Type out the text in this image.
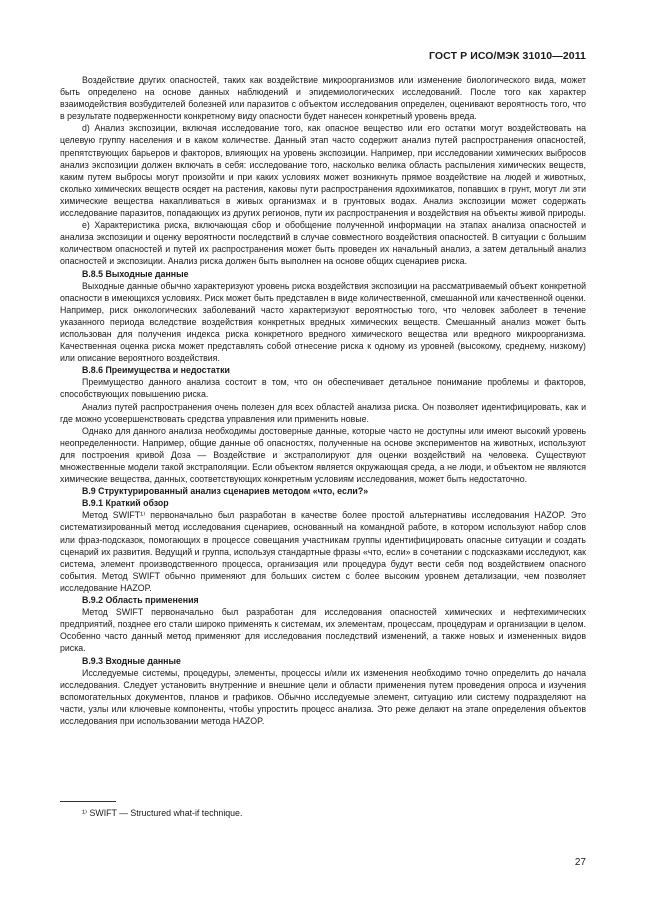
ГОСТ Р ИСО/МЭК 31010—2011

Воздействие других опасностей, таких как воздействие микроорганизмов или изменение биологического вида, может быть определено на основе данных наблюдений и эпидемиологических исследований. После того как характер взаимодействия возбудителей болезней или паразитов с объектом исследования определен, оценивают вероятность того, что в результате подверженности конкретному виду опасности будет нанесен конкретный уровень вреда.

d) Анализ экспозиции, включая исследование того, как опасное вещество или его остатки могут воздействовать на целевую группу населения и в каком количестве. Данный этап часто содержит анализ путей распространения опасностей, препятствующих барьеров и факторов, влияющих на уровень экспозиции. Например, при исследовании химических выбросов анализ экспозиции должен включать в себя: исследование того, насколько велика область распыления химических веществ, каким путем выбросы могут произойти и при каких условиях может возникнуть прямое воздействие на людей и животных, сколько химических веществ осядет на растения, каковы пути распространения ядохимикатов, попавших в грунт, могут ли эти химические вещества накапливаться в живых организмах и в грунтовых водах. Анализ экспозиции может содержать исследование паразитов, попадающих из других регионов, пути их распространения и воздействия на объекты живой природы.

e) Характеристика риска, включающая сбор и обобщение полученной информации на этапах анализа опасностей и анализа экспозиции и оценку вероятности последствий в случае совместного воздействия опасностей. В ситуации с большим количеством опасностей и путей их распространения может быть проведен их начальный анализ, а затем детальный анализ опасностей и экспозиции. Анализ риска должен быть выполнен на основе общих сценариев риска.

В.8.5 Выходные данные

Выходные данные обычно характеризуют уровень риска воздействия экспозиции на рассматриваемый объект конкретной опасности в имеющихся условиях. Риск может быть представлен в виде количественной, смешанной или качественной оценки. Например, риск онкологических заболеваний часто характеризуют вероятностью того, что человек заболеет в течение указанного периода вследствие воздействия конкретных вредных химических веществ. Смешанный анализ может быть использован для получения индекса риска конкретного вредного химического вещества или вредного микроорганизма. Качественная оценка риска может представлять собой отнесение риска к одному из уровней (высокому, среднему, низкому) или описание вероятного воздействия.

В.8.6 Преимущества и недостатки

Преимущество данного анализа состоит в том, что он обеспечивает детальное понимание проблемы и факторов, способствующих повышению риска.

Анализ путей распространения очень полезен для всех областей анализа риска. Он позволяет идентифицировать, как и где можно усовершенствовать средства управления или применить новые.

Однако для данного анализа необходимы достоверные данные, которые часто не доступны или имеют высокий уровень неопределенности. Например, общие данные об опасностях, полученные на основе экспериментов на животных, используют для построения кривой Доза — Воздействие и экстраполируют для оценки воздействий на человека. Существуют множественные модели такой экстраполяции. Если объектом является окружающая среда, а не люди, и объектом не являются химические вещества, данных, соответствующих конкретным условиям исследования, может быть недостаточно.

В.9 Структурированный анализ сценариев методом «что, если?»
В.9.1 Краткий обзор

Метод SWIFT¹⁾ первоначально был разработан в качестве более простой альтернативы исследования HAZOP. Это систематизированный метод исследования сценариев, основанный на командной работе, в котором используют набор слов или фраз-подсказок, помогающих в процессе совещания участникам группы идентифицировать опасные ситуации и создать сценарий их развития. Ведущий и группа, используя стандартные фразы «что, если» в сочетании с подсказками исследуют, как система, элемент производственного процесса, организация или процедура будут вести себя под воздействием опасного события. Метод SWIFT обычно применяют для больших систем с более высоким уровнем детализации, чем позволяет исследование HAZOP.

В.9.2 Область применения

Метод SWIFT первоначально был разработан для исследования опасностей химических и нефтехимических предприятий, позднее его стали широко применять к системам, их элементам, процессам, процедурам и организации в целом. Особенно часто данный метод применяют для исследования последствий изменений, а также новых и измененных видов риска.

В.9.3 Входные данные

Исследуемые системы, процедуры, элементы, процессы и/или их изменения необходимо точно определить до начала исследования. Следует установить внутренние и внешние цели и области применения путем проведения опроса и изучения вспомогательных документов, планов и графиков. Обычно исследуемые элемент, ситуацию или систему подразделяют на части, узлы или ключевые компоненты, чтобы упростить процесс анализа. Это реже делают на этапе определения объектов исследования при использовании метода HAZOP.

¹⁾ SWIFT — Structured what-if technique.
27
